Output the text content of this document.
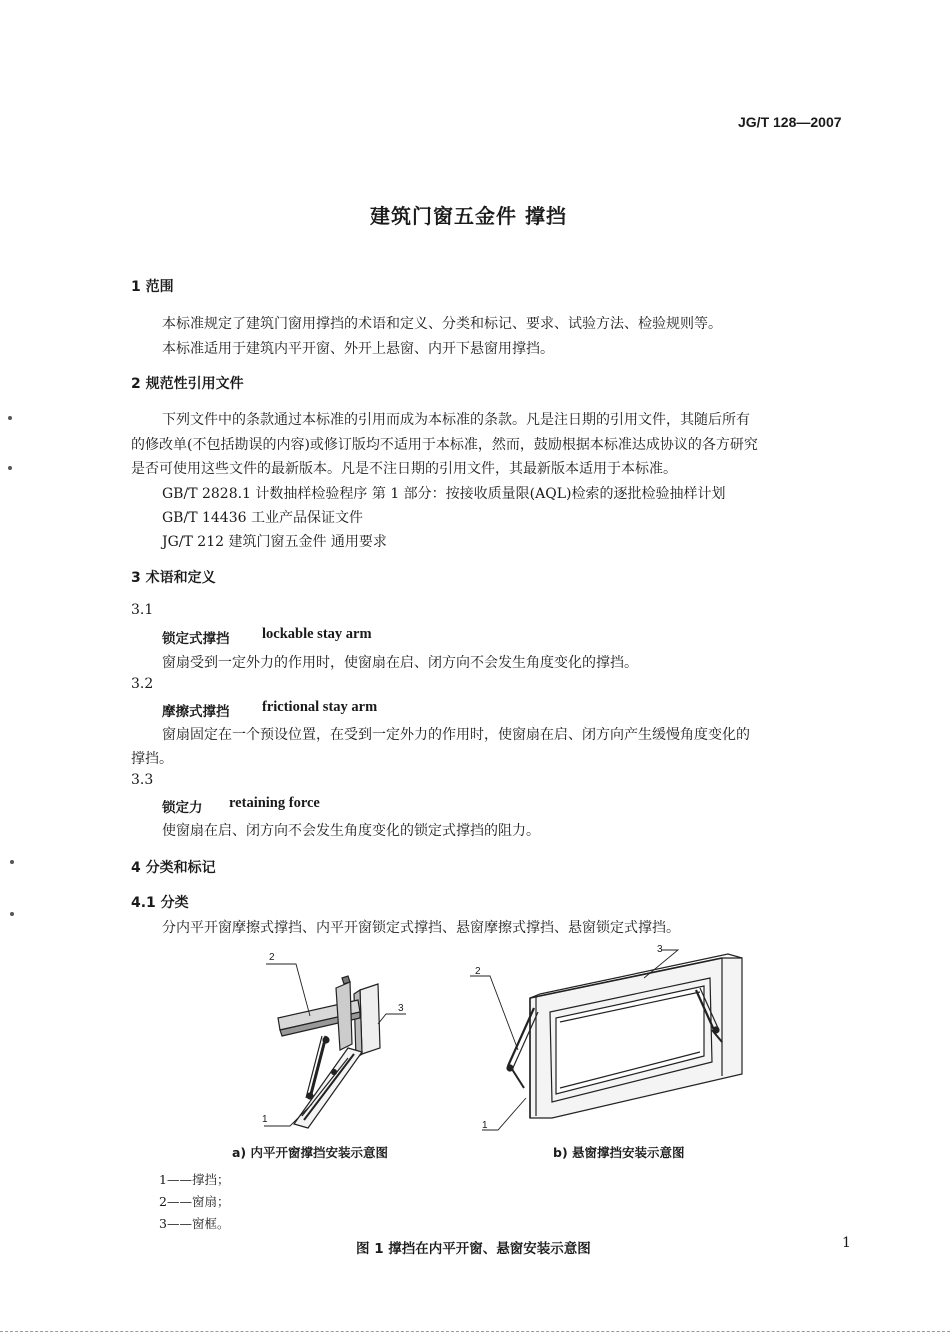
JG/T 128—2007
建筑门窗五金件 撑挡
1 范围
本标准规定了建筑门窗用撑挡的术语和定义、分类和标记、要求、试验方法、检验规则等。
本标准适用于建筑内平开窗、外开上悬窗、内开下悬窗用撑挡。
2 规范性引用文件
下列文件中的条款通过本标准的引用而成为本标准的条款。凡是注日期的引用文件，其随后所有
的修改单(不包括勘误的内容)或修订版均不适用于本标准，然而，鼓励根据本标准达成协议的各方研究
是否可使用这些文件的最新版本。凡是不注日期的引用文件，其最新版本适用于本标准。
GB/T 2828.1 计数抽样检验程序 第 1 部分：按接收质量限(AQL)检索的逐批检验抽样计划
GB/T 14436 工业产品保证文件
JG/T 212 建筑门窗五金件 通用要求
3 术语和定义
3.1
锁定式撑挡 lockable stay arm
窗扇受到一定外力的作用时，使窗扇在启、闭方向不会发生角度变化的撑挡。
3.2
摩擦式撑挡 frictional stay arm
窗扇固定在一个预设位置，在受到一定外力的作用时，使窗扇在启、闭方向产生缓慢角度变化的
撑挡。
3.3
锁定力 retaining force
使窗扇在启、闭方向不会发生角度变化的锁定式撑挡的阻力。
4 分类和标记
4.1 分类
分内平开窗摩擦式撑挡、内平开窗锁定式撑挡、悬窗摩擦式撑挡、悬窗锁定式撑挡。
2
3
1
3
2
1
a) 内平开窗撑挡安装示意图	b) 悬窗撑挡安装示意图
1——撑挡；
2——窗扇；
3——窗框。
图 1 撑挡在内平开窗、悬窗安装示意图	1
